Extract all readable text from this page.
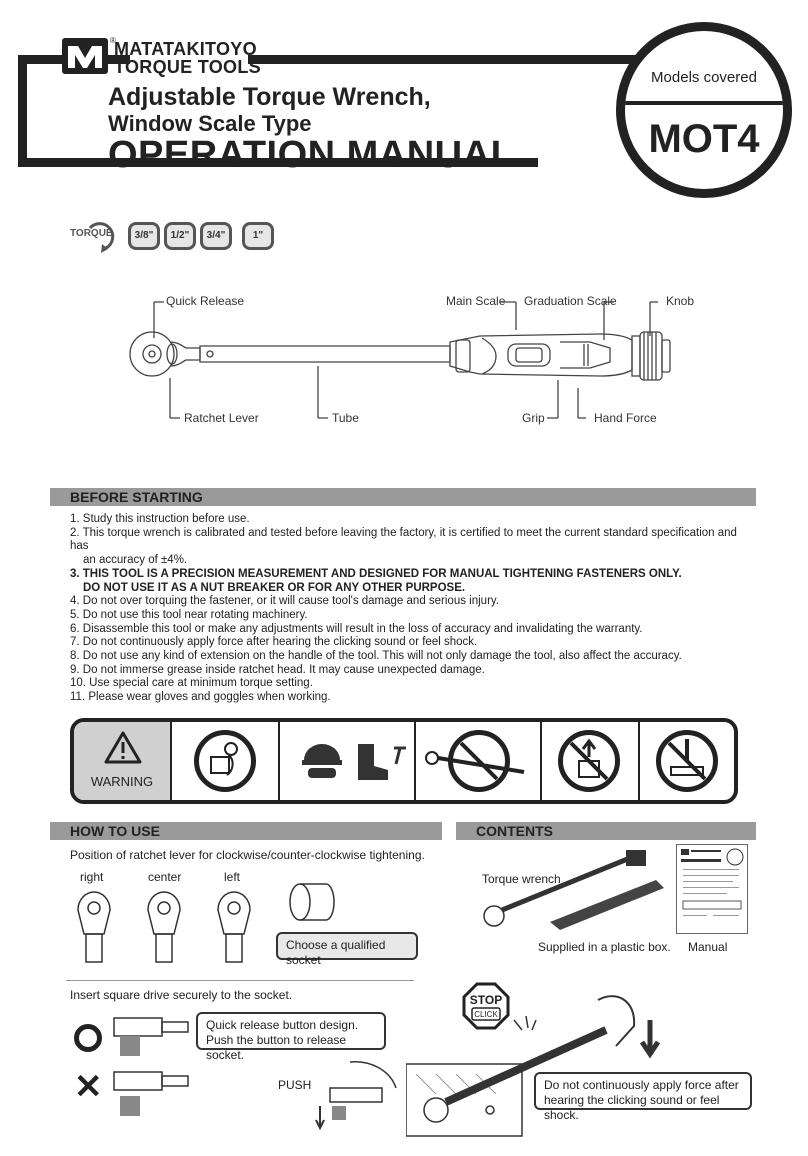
®
MATATAKITOYO
TORQUE TOOLS
Adjustable Torque Wrench,
Window Scale Type
OPERATION MANUAL
Models covered
MOT4
TORQUE	3/8"	1/2"	3/4"	1"
Quick Release	Main Scale Graduation Scale	Knob
Ratchet Lever	Tube	Grip	Hand Force
BEFORE STARTING
1. Study this instruction before use.
2. This torque wrench is calibrated and tested before leaving the factory, it is certified to meet the current standard specification and has
an accuracy of ±4%.
3. THIS TOOL IS A PRECISION MEASUREMENT AND DESIGNED FOR MANUAL TIGHTENING FASTENERS ONLY.
DO NOT USE IT AS A NUT BREAKER OR FOR ANY OTHER PURPOSE.
4. Do not over torquing the fastener, or it will cause tool's damage and serious injury.
5. Do not use this tool near rotating machinery.
6. Disassemble this tool or make any adjustments will result in the loss of accuracy and invalidating the warranty.
7. Do not continuously apply force after hearing the clicking sound or feel shock.
8. Do not use any kind of extension on the handle of the tool. This will not only damage the tool, also affect the accuracy.
9. Do not immerse grease inside ratchet head. It may cause unexpected damage.
10. Use special care at minimum torque setting.
11. Please wear gloves and goggles when working.
WARNING
HOW TO USE
Position of ratchet lever for clockwise/counter-clockwise tightening.
right	center	left
Choose a qualified socket
Insert square drive securely to the socket.
✕
Quick release button design.
Push the button to release socket.
PUSH
CONTENTS
Torque wrench
Supplied in a plastic box. Manual
STOP
CLICK
Do not continuously apply force after
hearing the clicking sound or feel shock.
